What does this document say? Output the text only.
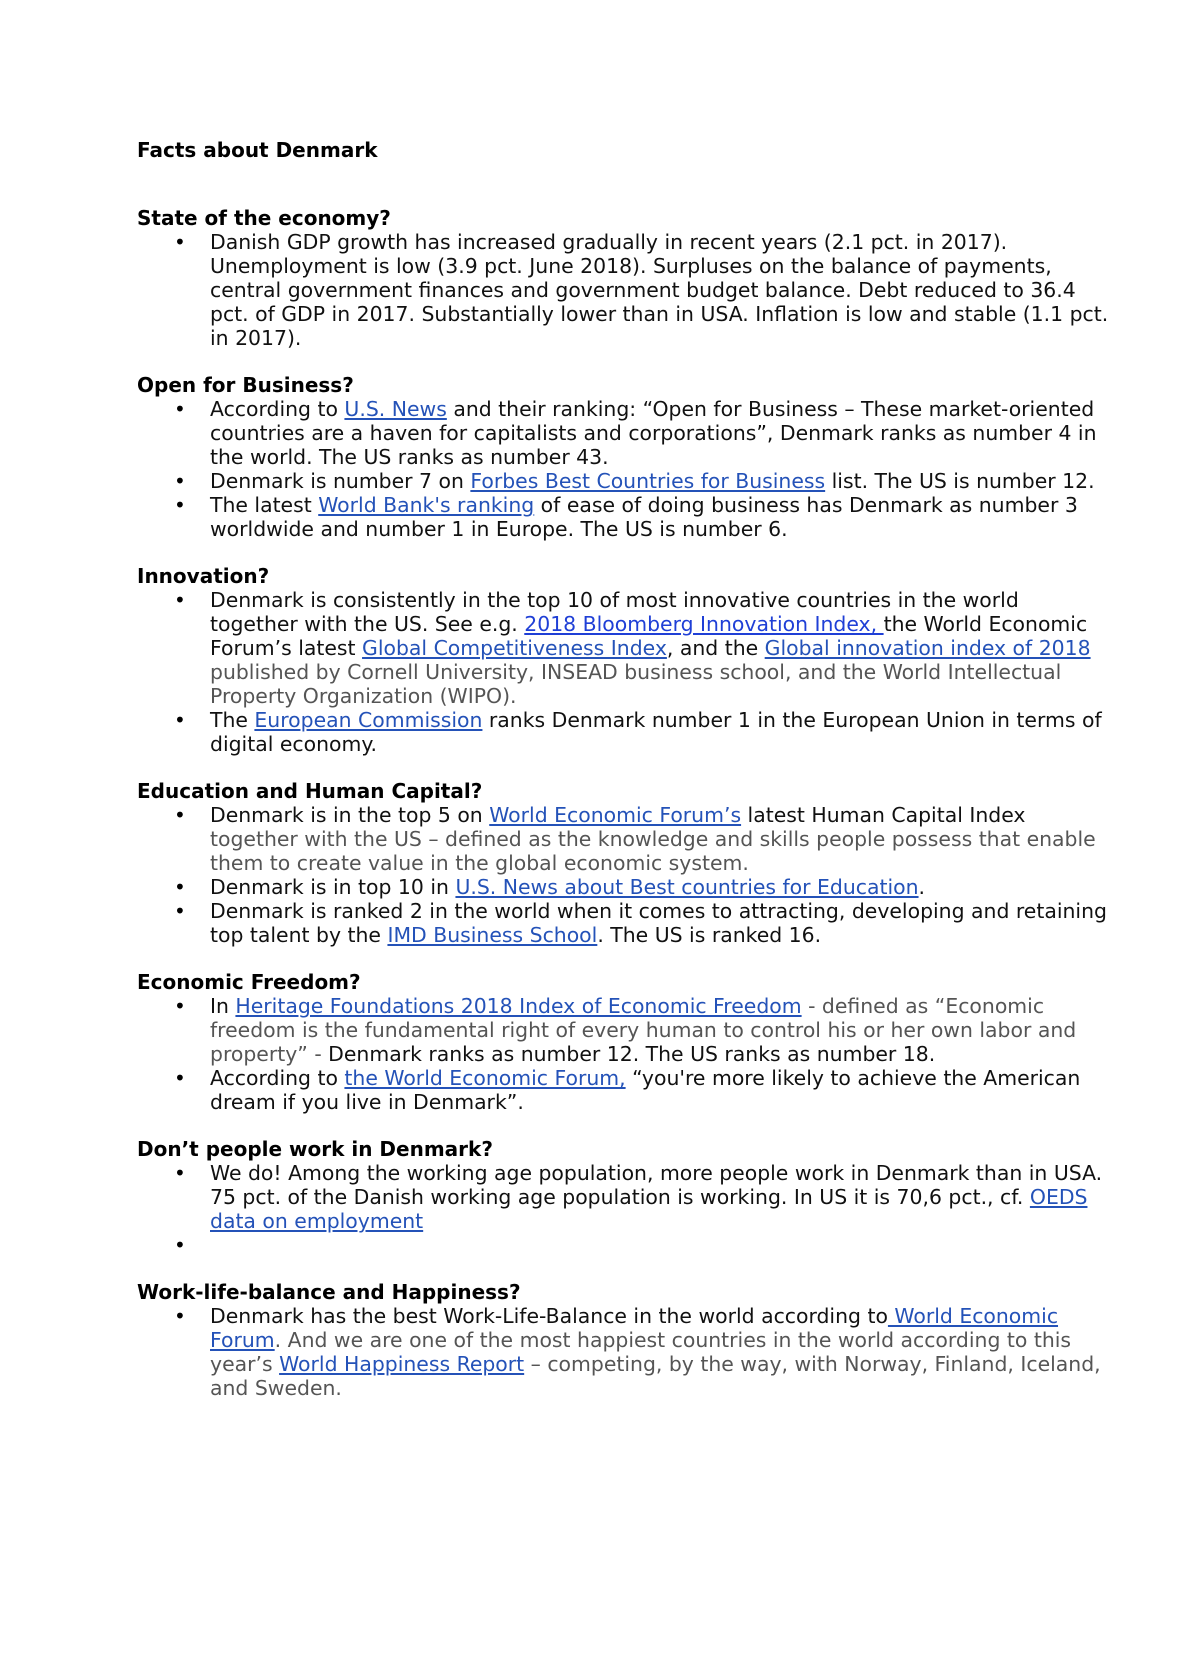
Facts about Denmark
State of the economy?
• Danish GDP growth has increased gradually in recent years (2.1 pct. in 2017). Unemployment is low (3.9 pct. June 2018). Surpluses on the balance of payments, central government finances and government budget balance. Debt reduced to 36.4 pct. of GDP in 2017. Substantially lower than in USA. Inflation is low and stable (1.1 pct. in 2017).
Open for Business?
• According to U.S. News and their ranking: “Open for Business – These market-oriented countries are a haven for capitalists and corporations”, Denmark ranks as number 4 in the world. The US ranks as number 43.
• Denmark is number 7 on Forbes Best Countries for Business list. The US is number 12.
• The latest World Bank's ranking of ease of doing business has Denmark as number 3 worldwide and number 1 in Europe. The US is number 6.
Innovation?
• Denmark is consistently in the top 10 of most innovative countries in the world together with the US. See e.g. 2018 Bloomberg Innovation Index, the World Economic Forum’s latest Global Competitiveness Index, and the Global innovation index of 2018 published by Cornell University, INSEAD business school, and the World Intellectual Property Organization (WIPO).
• The European Commission ranks Denmark number 1 in the European Union in terms of digital economy.
Education and Human Capital?
• Denmark is in the top 5 on World Economic Forum’s latest Human Capital Index together with the US – defined as the knowledge and skills people possess that enable them to create value in the global economic system.
• Denmark is in top 10 in U.S. News about Best countries for Education.
• Denmark is ranked 2 in the world when it comes to attracting, developing and retaining top talent by the IMD Business School. The US is ranked 16.
Economic Freedom?
• In Heritage Foundations 2018 Index of Economic Freedom - defined as “Economic freedom is the fundamental right of every human to control his or her own labor and property” - Denmark ranks as number 12. The US ranks as number 18.
• According to the World Economic Forum, “you're more likely to achieve the American dream if you live in Denmark”.
Don’t people work in Denmark?
• We do! Among the working age population, more people work in Denmark than in USA. 75 pct. of the Danish working age population is working. In US it is 70,6 pct., cf. OEDS data on employment
•

Work-life-balance and Happiness?
• Denmark has the best Work-Life-Balance in the world according to World Economic Forum. And we are one of the most happiest countries in the world according to this year’s World Happiness Report – competing, by the way, with Norway, Finland, Iceland, and Sweden.
